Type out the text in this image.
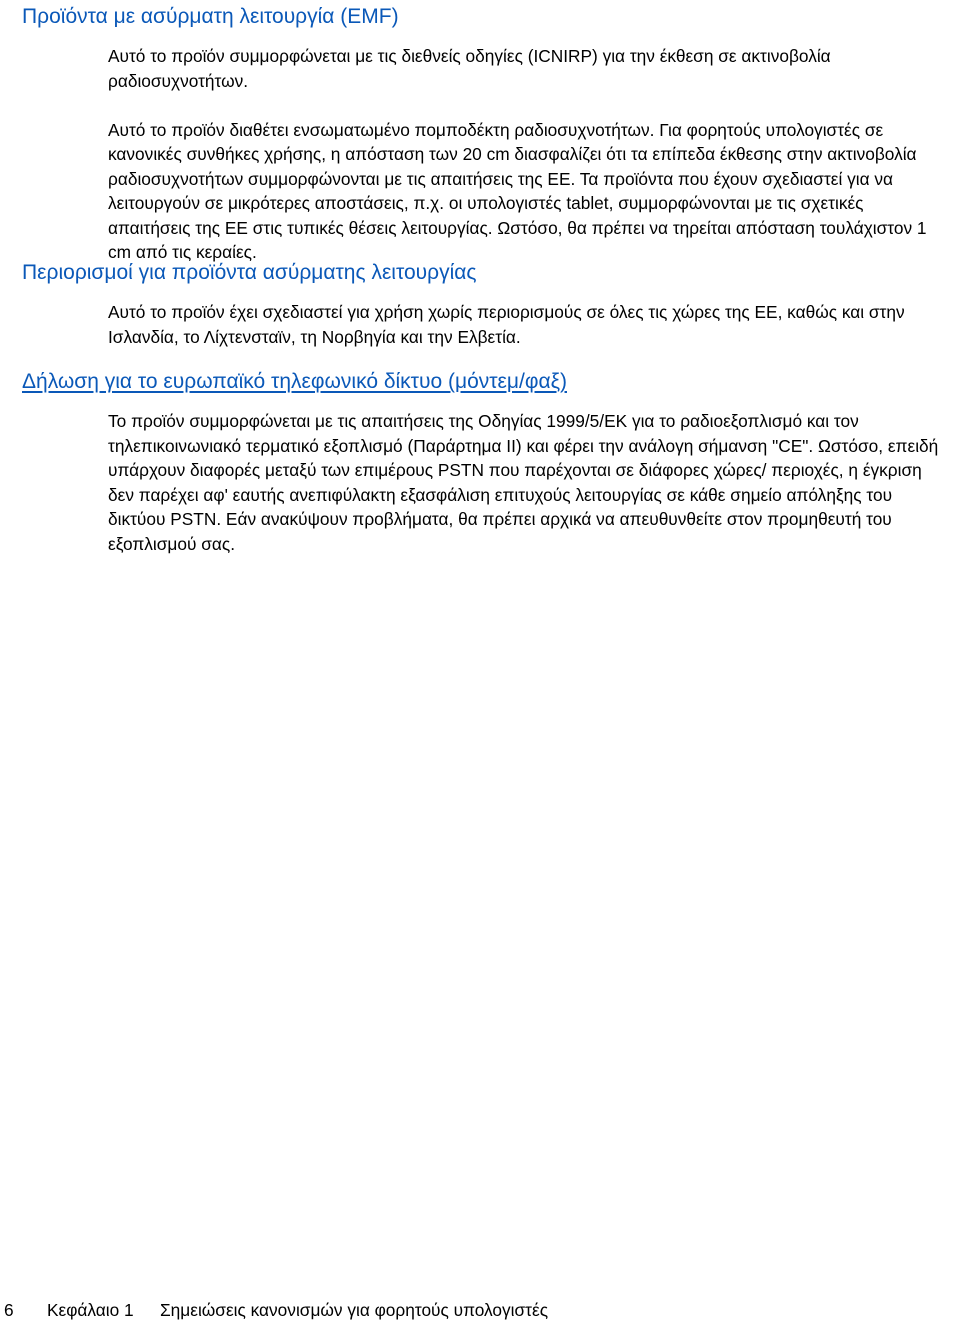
Προϊόντα με ασύρματη λειτουργία (EMF)

Αυτό το προϊόν συμμορφώνεται με τις διεθνείς οδηγίες (ICNIRP) για την έκθεση σε ακτινοβολία ραδιοσυχνοτήτων.

Αυτό το προϊόν διαθέτει ενσωματωμένο πομποδέκτη ραδιοσυχνοτήτων. Για φορητούς υπολογιστές σε κανονικές συνθήκες χρήσης, η απόσταση των 20 cm διασφαλίζει ότι τα επίπεδα έκθεσης στην ακτινοβολία ραδιοσυχνοτήτων συμμορφώνονται με τις απαιτήσεις της ΕΕ. Τα προϊόντα που έχουν σχεδιαστεί για να λειτουργούν σε μικρότερες αποστάσεις, π.χ. οι υπολογιστές tablet, συμμορφώνονται με τις σχετικές απαιτήσεις της ΕΕ στις τυπικές θέσεις λειτουργίας. Ωστόσο, θα πρέπει να τηρείται απόσταση τουλάχιστον 1 cm από τις κεραίες.

Περιορισμοί για προϊόντα ασύρματης λειτουργίας

Αυτό το προϊόν έχει σχεδιαστεί για χρήση χωρίς περιορισμούς σε όλες τις χώρες της ΕΕ, καθώς και στην Ισλανδία, το Λίχτενσταϊν, τη Νορβηγία και την Ελβετία.

Δήλωση για το ευρωπαϊκό τηλεφωνικό δίκτυο (μόντεμ/φαξ)

Το προϊόν συμμορφώνεται με τις απαιτήσεις της Οδηγίας 1999/5/ΕΚ για το ραδιοεξοπλισμό και τον τηλεπικοινωνιακό τερματικό εξοπλισμό (Παράρτημα II) και φέρει την ανάλογη σήμανση "CE". Ωστόσο, επειδή υπάρχουν διαφορές μεταξύ των επιμέρους PSTN που παρέχονται σε διάφορες χώρες/ περιοχές, η έγκριση δεν παρέχει αφ' εαυτής ανεπιφύλακτη εξασφάλιση επιτυχούς λειτουργίας σε κάθε σημείο απόληξης του δικτύου PSTN. Εάν ανακύψουν προβλήματα, θα πρέπει αρχικά να απευθυνθείτε στον προμηθευτή του εξοπλισμού σας.

6 Κεφάλαιο 1 Σημειώσεις κανονισμών για φορητούς υπολογιστές
